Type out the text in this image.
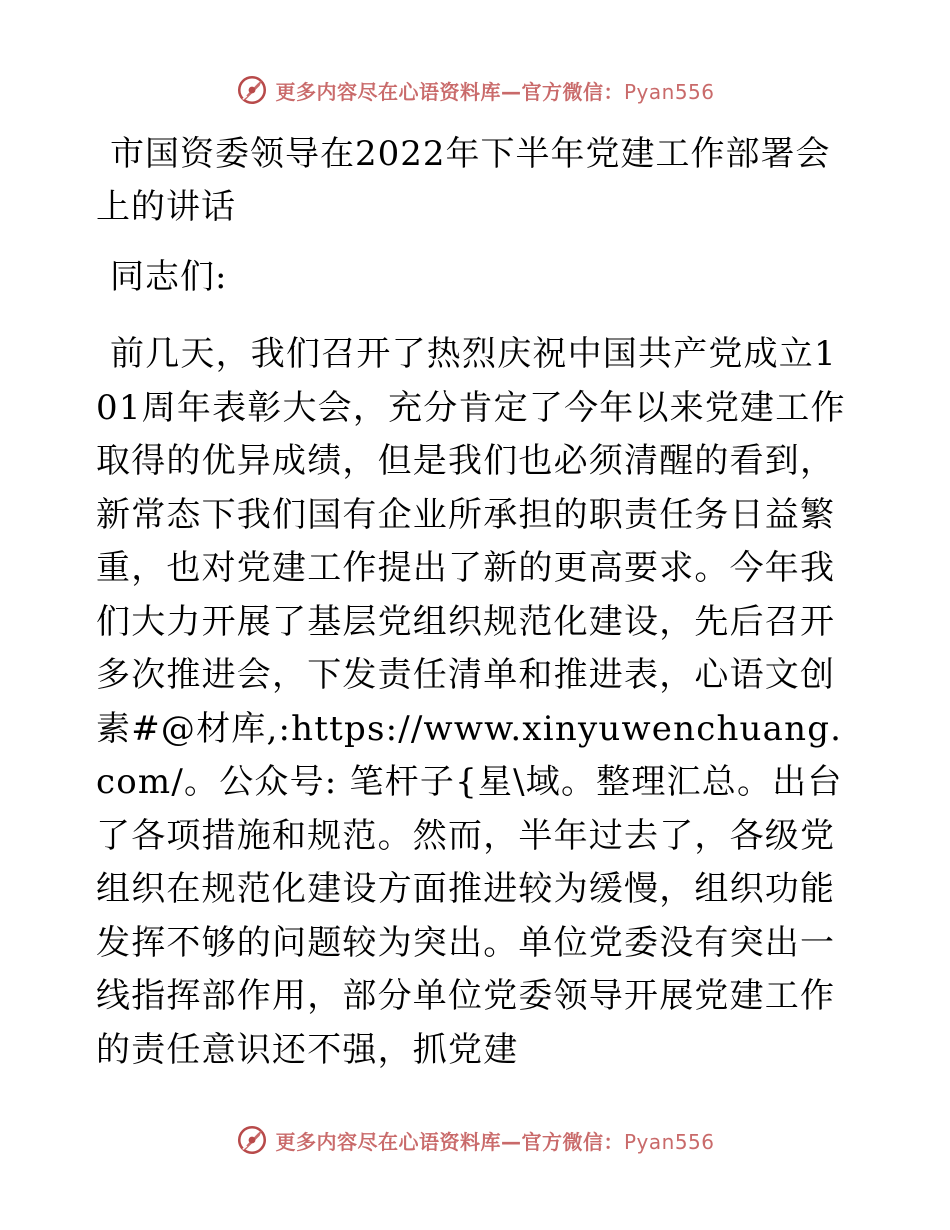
更多内容尽在心语资料库—官方微信：Pyan556
市国资委领导在2022年下半年党建工作部署会上的讲话

同志们:

前几天，我们召开了热烈庆祝中国共产党成立101周年表彰大会，充分肯定了今年以来党建工作取得的优异成绩，但是我们也必须清醒的看到，新常态下我们国有企业所承担的职责任务日益繁重，也对党建工作提出了新的更高要求。今年我们大力开展了基层党组织规范化建设，先后召开多次推进会，下发责任清单和推进表，心语文创素#@材库,:https://www.xinyuwenchuang.com/。公众号: 笔杆子{星\域。整理汇总。出台了各项措施和规范。然而，半年过去了，各级党组织在规范化建设方面推进较为缓慢，组织功能发挥不够的问题较为突出。单位党委没有突出一线指挥部作用，部分单位党委领导开展党建工作的责任意识还不强，抓党建

更多内容尽在心语资料库—官方微信：Pyan556
